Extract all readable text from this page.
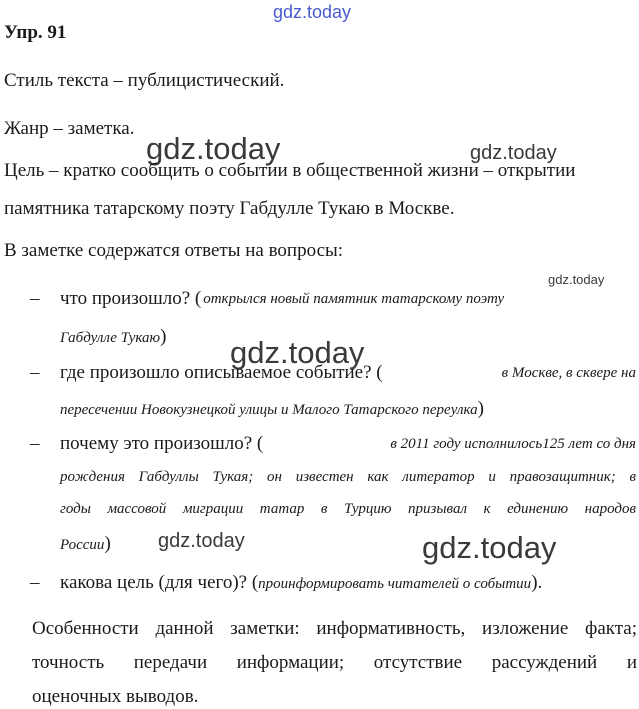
gdz.today
gdz.today	gdz.today
gdz.today
gdz.today
gdz.today	gdz.today
Упр. 91
Стиль текста – публицистический.
Жанр – заметка.
Цель – кратко сообщить о событии в общественной жизни – открытии
памятника татарскому поэту Габдулле Тукаю в Москве.
В заметке содержатся ответы на вопросы:
– что произошло? ( открылся новый памятник татарскому поэту
Габдулле Тукаю)
– где произошло описываемое событие? (	в Москве, в сквере на
пересечении Новокузнецкой улицы и Малого Татарского переулка)
– почему это произошло? (	в 2011 году исполнилось125 лет со дня
рождения Габдуллы Тукая; он известен как литератор и правозащитник; в
годы массовой миграции татар в Турцию призывал к единению народов
России)
– какова цель (для чего)? (проинформировать читателей о событии).
Особенности данной заметки: информативность, изложение факта;
точность передачи информации; отсутствие рассуждений и
оценочных выводов.
